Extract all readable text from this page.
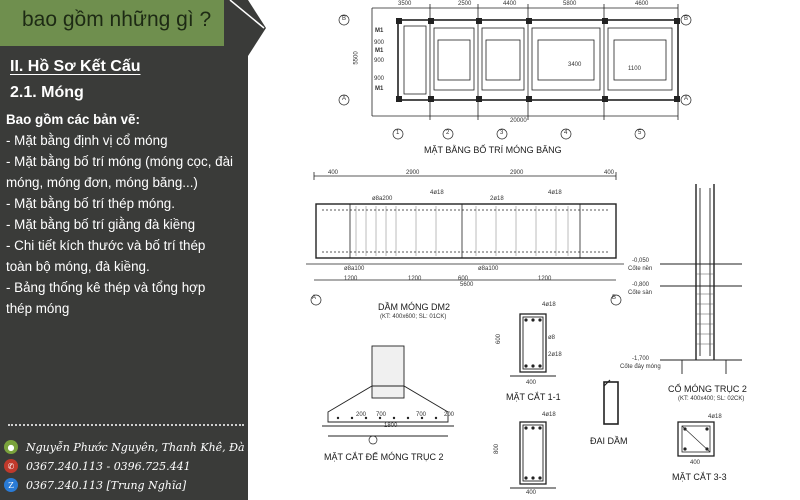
bao gồm những gì ?
II. Hồ Sơ Kết Cấu
2.1. Móng
Bao gồm các bản vẽ:
- Mặt bằng định vị cổ móng
- Mặt bằng bố trí móng (móng cọc, đài móng, móng đơn, móng băng...)
- Mặt bằng bố trí thép móng.
- Mặt bằng bố trí giằng đà kiềng
- Chi tiết kích thước và bố trí thép toàn bộ móng, đà kiềng.
- Bảng thống kê thép và tổng hợp thép móng
●	Nguyễn Phước Nguyên, Thanh Khê, Đà Nẵng
✆	0367.240.113 - 0396.725.441
Z	0367.240.113 [Trung Nghĩa]
3500	2500	4400	5800	4600
20000
5500
900
900
900
1100
3400
M1
M1
M1
B
A
B
A
1	2	3	4	5
MẶT BẰNG BỐ TRÍ MÓNG BĂNG
400	2900	2900	400
ø8a200
ø8a100	ø8a100
4ø18	4ø18
2ø18
1200	1200	600	1200
5600
A	B
DẦM MÓNG DM2
(KT: 400x600; SL: 01CK)
200 700	700	200
1800
MẶT CẮT ĐẾ MÓNG TRỤC 2
4ø18
ø8
2ø18
600
400
MẶT CẮT 1-1
4ø18
800
400
ĐAI DẦM
-0,050
Cốte nền
-0,800
Cốte sàn
-1,700
Cốte đáy móng
CỔ MÓNG TRỤC 2
(KT: 400x400; SL: 02CK)
4ø18
400
MẶT CẮT 3-3
